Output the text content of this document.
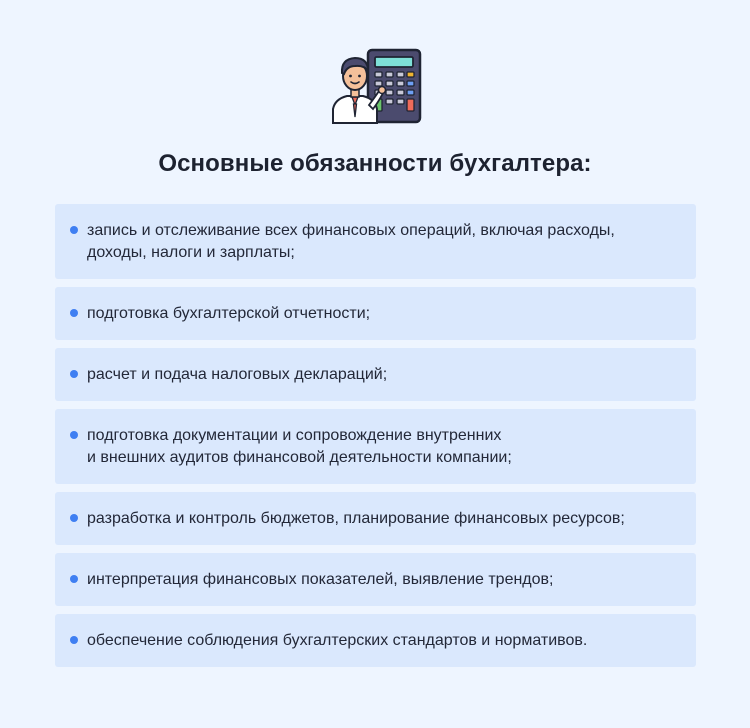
Основные обязанности бухгалтера:
запись и отслеживание всех финансовых операций, включая расходы,
доходы, налоги и зарплаты;
подготовка бухгалтерской отчетности;
расчет и подача налоговых деклараций;
подготовка документации и сопровождение внутренних
и внешних аудитов финансовой деятельности компании;
разработка и контроль бюджетов, планирование финансовых ресурсов;
интерпретация финансовых показателей, выявление трендов;
обеспечение соблюдения бухгалтерских стандартов и нормативов.
